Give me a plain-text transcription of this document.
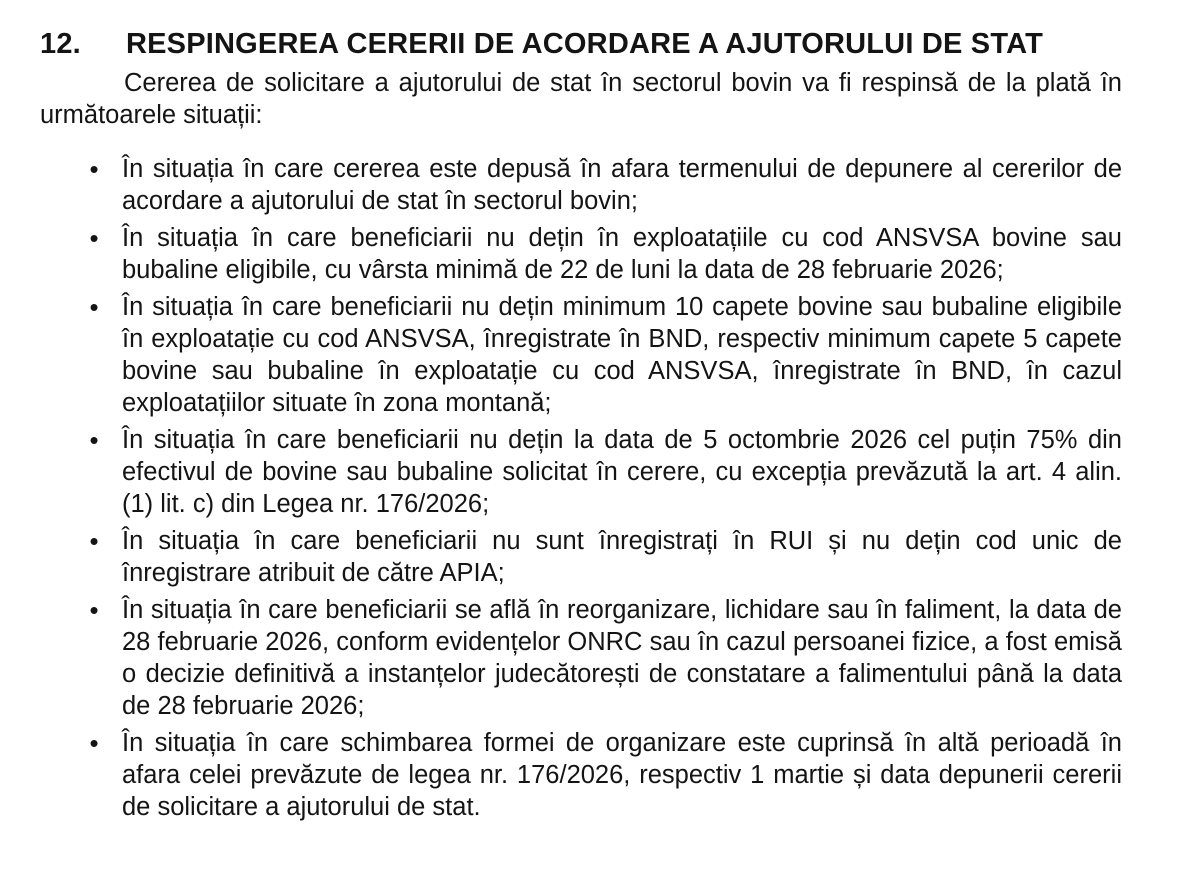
12.	RESPINGEREA CERERII DE ACORDARE A AJUTORULUI DE STAT

Cererea de solicitare a ajutorului de stat în sectorul bovin va fi respinsă de la plată în următoarele situații:

• În situația în care cererea este depusă în afara termenului de depunere al cererilor de acordare a ajutorului de stat în sectorul bovin;
• În situația în care beneficiarii nu dețin în exploatațiile cu cod ANSVSA bovine sau bubaline eligibile, cu vârsta minimă de 22 de luni la data de 28 februarie 2026;
• În situația în care beneficiarii nu dețin minimum 10 capete bovine sau bubaline eligibile în exploatație cu cod ANSVSA, înregistrate în BND, respectiv minimum capete 5 capete bovine sau bubaline în exploatație cu cod ANSVSA, înregistrate în BND, în cazul exploatațiilor situate în zona montană;
• În situația în care beneficiarii nu dețin la data de 5 octombrie 2026 cel puțin 75% din efectivul de bovine sau bubaline solicitat în cerere, cu excepția prevăzută la art. 4 alin. (1) lit. c) din Legea nr. 176/2026;
• În situația în care beneficiarii nu sunt înregistrați în RUI și nu dețin cod unic de înregistrare atribuit de către APIA;
• În situația în care beneficiarii se află în reorganizare, lichidare sau în faliment, la data de 28 februarie 2026, conform evidențelor ONRC sau în cazul persoanei fizice, a fost emisă o decizie definitivă a instanțelor judecătorești de constatare a falimentului până la data de 28 februarie 2026;
• În situația în care schimbarea formei de organizare este cuprinsă în altă perioadă în afara celei prevăzute de legea nr. 176/2026, respectiv 1 martie și data depunerii cererii de solicitare a ajutorului de stat.
